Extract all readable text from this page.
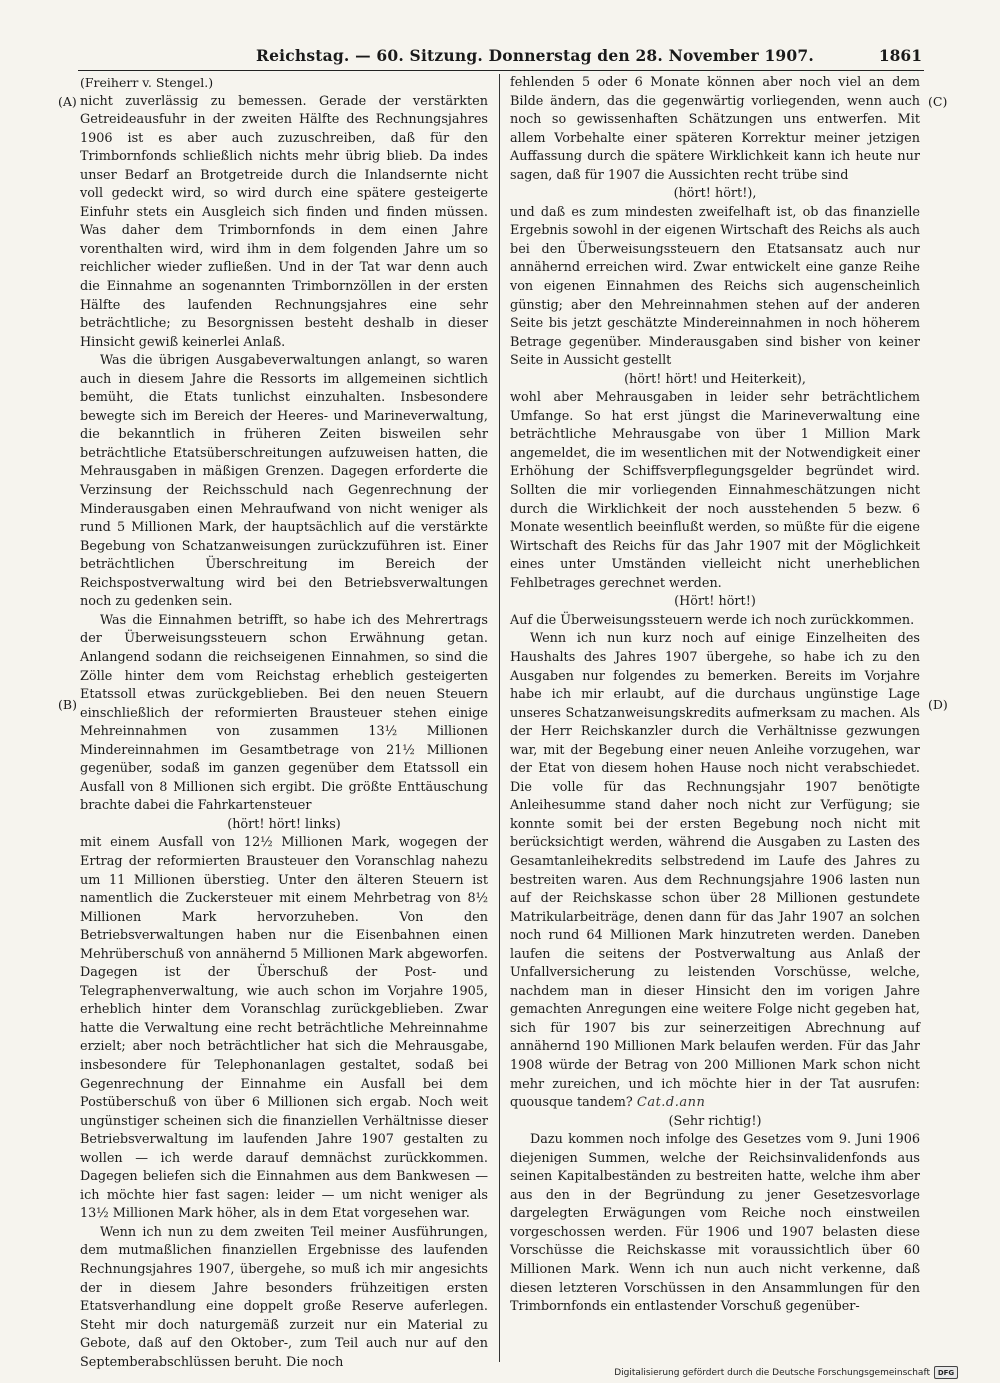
Reichstag. — 60. Sitzung. Donnerstag den 28. November 1907.	1861
(A)
(B)
(C)
(D)

(Freiherr v. Stengel.)

nicht zuverlässig zu bemessen. Gerade der verstärkten Getreideausfuhr in der zweiten Hälfte des Rechnungsjahres 1906 ist es aber auch zuzuschreiben, daß für den Trimbornfonds schließlich nichts mehr übrig blieb. Da indes unser Bedarf an Brotgetreide durch die Inlandsernte nicht voll gedeckt wird, so wird durch eine spätere gesteigerte Einfuhr stets ein Ausgleich sich finden und finden müssen. Was daher dem Trimbornfonds in dem einen Jahre vorenthalten wird, wird ihm in dem folgenden Jahre um so reichlicher wieder zufließen. Und in der Tat war denn auch die Einnahme an sogenannten Trimbornzöllen in der ersten Hälfte des laufenden Rechnungsjahres eine sehr beträchtliche; zu Besorgnissen besteht deshalb in dieser Hinsicht gewiß keinerlei Anlaß.

Was die übrigen Ausgabeverwaltungen anlangt, so waren auch in diesem Jahre die Ressorts im allgemeinen sichtlich bemüht, die Etats tunlichst einzuhalten. Insbesondere bewegte sich im Bereich der Heeres- und Marineverwaltung, die bekanntlich in früheren Zeiten bisweilen sehr beträchtliche Etatsüberschreitungen aufzuweisen hatten, die Mehrausgaben in mäßigen Grenzen. Dagegen erforderte die Verzinsung der Reichsschuld nach Gegenrechnung der Minderausgaben einen Mehraufwand von nicht weniger als rund 5 Millionen Mark, der hauptsächlich auf die verstärkte Begebung von Schatzanweisungen zurückzuführen ist. Einer beträchtlichen Überschreitung im Bereich der Reichspostverwaltung wird bei den Betriebsverwaltungen noch zu gedenken sein.

Was die Einnahmen betrifft, so habe ich des Mehrertrags der Überweisungssteuern schon Erwähnung getan. Anlangend sodann die reichseigenen Einnahmen, so sind die Zölle hinter dem vom Reichstag erheblich gesteigerten Etatssoll etwas zurückgeblieben. Bei den neuen Steuern einschließlich der reformierten Brausteuer stehen einige Mehreinnahmen von zusammen 13½ Millionen Mindereinnahmen im Gesamtbetrage von 21½ Millionen gegenüber, sodaß im ganzen gegenüber dem Etatssoll ein Ausfall von 8 Millionen sich ergibt. Die größte Enttäuschung brachte dabei die Fahrkartensteuer

(hört! hört! links)

mit einem Ausfall von 12½ Millionen Mark, wogegen der Ertrag der reformierten Brausteuer den Voranschlag nahezu um 11 Millionen überstieg. Unter den älteren Steuern ist namentlich die Zuckersteuer mit einem Mehrbetrag von 8½ Millionen Mark hervorzuheben. Von den Betriebsverwaltungen haben nur die Eisenbahnen einen Mehrüberschuß von annähernd 5 Millionen Mark abgeworfen. Dagegen ist der Überschuß der Post- und Telegraphenverwaltung, wie auch schon im Vorjahre 1905, erheblich hinter dem Voranschlag zurückgeblieben. Zwar hatte die Verwaltung eine recht beträchtliche Mehreinnahme erzielt; aber noch beträchtlicher hat sich die Mehrausgabe, insbesondere für Telephonanlagen gestaltet, sodaß bei Gegenrechnung der Einnahme ein Ausfall bei dem Postüberschuß von über 6 Millionen sich ergab. Noch weit ungünstiger scheinen sich die finanziellen Verhältnisse dieser Betriebsverwaltung im laufenden Jahre 1907 gestalten zu wollen — ich werde darauf demnächst zurückkommen. Dagegen beliefen sich die Einnahmen aus dem Bankwesen — ich möchte hier fast sagen: leider — um nicht weniger als 13½ Millionen Mark höher, als in dem Etat vorgesehen war.

Wenn ich nun zu dem zweiten Teil meiner Ausführungen, dem mutmaßlichen finanziellen Ergebnisse des laufenden Rechnungsjahres 1907, übergehe, so muß ich mir angesichts der in diesem Jahre besonders frühzeitigen ersten Etatsverhandlung eine doppelt große Reserve auferlegen. Steht mir doch naturgemäß zurzeit nur ein Material zu Gebote, daß auf den Oktober-, zum Teil auch nur auf den Septemberabschlüssen beruht. Die noch

fehlenden 5 oder 6 Monate können aber noch viel an dem Bilde ändern, das die gegenwärtig vorliegenden, wenn auch noch so gewissenhaften Schätzungen uns entwerfen. Mit allem Vorbehalte einer späteren Korrektur meiner jetzigen Auffassung durch die spätere Wirklichkeit kann ich heute nur sagen, daß für 1907 die Aussichten recht trübe sind

(hört! hört!),

und daß es zum mindesten zweifelhaft ist, ob das finanzielle Ergebnis sowohl in der eigenen Wirtschaft des Reichs als auch bei den Überweisungssteuern den Etatsansatz auch nur annähernd erreichen wird. Zwar entwickelt eine ganze Reihe von eigenen Einnahmen des Reichs sich augenscheinlich günstig; aber den Mehreinnahmen stehen auf der anderen Seite bis jetzt geschätzte Mindereinnahmen in noch höherem Betrage gegenüber. Minderausgaben sind bisher von keiner Seite in Aussicht gestellt

(hört! hört! und Heiterkeit),

wohl aber Mehrausgaben in leider sehr beträchtlichem Umfange. So hat erst jüngst die Marineverwaltung eine beträchtliche Mehrausgabe von über 1 Million Mark angemeldet, die im wesentlichen mit der Notwendigkeit einer Erhöhung der Schiffsverpflegungsgelder begründet wird. Sollten die mir vorliegenden Einnahmeschätzungen nicht durch die Wirklichkeit der noch ausstehenden 5 bezw. 6 Monate wesentlich beeinflußt werden, so müßte für die eigene Wirtschaft des Reichs für das Jahr 1907 mit der Möglichkeit eines unter Umständen vielleicht nicht unerheblichen Fehlbetrages gerechnet werden.

(Hört! hört!)

Auf die Überweisungssteuern werde ich noch zurückkommen.

Wenn ich nun kurz noch auf einige Einzelheiten des Haushalts des Jahres 1907 übergehe, so habe ich zu den Ausgaben nur folgendes zu bemerken. Bereits im Vorjahre habe ich mir erlaubt, auf die durchaus ungünstige Lage unseres Schatzanweisungskredits aufmerksam zu machen. Als der Herr Reichskanzler durch die Verhältnisse gezwungen war, mit der Begebung einer neuen Anleihe vorzugehen, war der Etat von diesem hohen Hause noch nicht verabschiedet. Die volle für das Rechnungsjahr 1907 benötigte Anleihesumme stand daher noch nicht zur Verfügung; sie konnte somit bei der ersten Begebung noch nicht mit berücksichtigt werden, während die Ausgaben zu Lasten des Gesamtanleihekredits selbstredend im Laufe des Jahres zu bestreiten waren. Aus dem Rechnungsjahre 1906 lasten nun auf der Reichskasse schon über 28 Millionen gestundete Matrikularbeiträge, denen dann für das Jahr 1907 an solchen noch rund 64 Millionen Mark hinzutreten werden. Daneben laufen die seitens der Postverwaltung aus Anlaß der Unfallversicherung zu leistenden Vorschüsse, welche, nachdem man in dieser Hinsicht den im vorigen Jahre gemachten Anregungen eine weitere Folge nicht gegeben hat, sich für 1907 bis zur seinerzeitigen Abrechnung auf annähernd 190 Millionen Mark belaufen werden. Für das Jahr 1908 würde der Betrag von 200 Millionen Mark schon nicht mehr zureichen, und ich möchte hier in der Tat ausrufen: quousque tandem? Cat.d.ann

(Sehr richtig!)

Dazu kommen noch infolge des Gesetzes vom 9. Juni 1906 diejenigen Summen, welche der Reichsinvalidenfonds aus seinen Kapitalbeständen zu bestreiten hatte, welche ihm aber aus den in der Begründung zu jener Gesetzesvorlage dargelegten Erwägungen vom Reiche noch einstweilen vorgeschossen werden. Für 1906 und 1907 belasten diese Vorschüsse die Reichskasse mit voraussichtlich über 60 Millionen Mark. Wenn ich nun auch nicht verkenne, daß diesen letzteren Vorschüssen in den Ansammlungen für den Trimbornfonds ein entlastender Vorschuß gegenüber-

Digitalisierung gefördert durch die Deutsche Forschungsgemeinschaft	DFG
